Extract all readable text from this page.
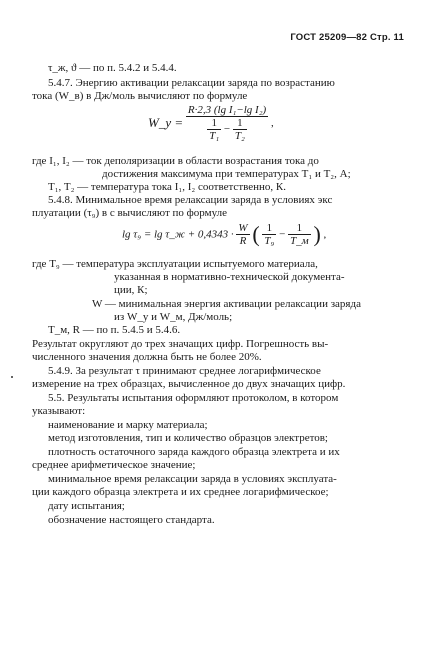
ГОСТ 25209—82 Стр. 11
τ_ж, ϑ — по п. 5.4.2 и 5.4.4.
5.4.7. Энергию активации релаксации заряда по возрастанию
тока (W_в) в Дж/моль вычисляют по формуле
W_y =
R·2,3 (lg I₁−lg I₂)
$\frac{1}{\text{T₁}} - \frac{1}{\text{T₂}}$ ,
где I₁, I₂ — ток деполяризации в области возрастания тока до
достижения максимума при температурах T₁ и T₂, А;
T₁, T₂ — температура тока I₁, I₂ соответственно, К.
5.4.8. Минимальное время релаксации заряда в условиях экс
плуатации (τ₉) в с вычисляют по формуле
lg τ₉ = lg τ_ж + $0,4343 \cdot \frac{W}{R}$ ( $\frac{1}{\text{T₉}} - \frac{1}{T\_м}$ ) ,
где T₉ — температура эксплуатации испытуемого материала,
указанная в нормативно-технической документа-
ции, К;
W — минимальная энергия активации релаксации заряда
из W_y и W_м, Дж/моль;
T_м, R — по п. 5.4.5 и 5.4.6.
Результат округляют до трех значащих цифр. Погрешность вы-
численного значения должна быть не более 20%.
5.4.9. За результат τ принимают среднее логарифмическое
измерение на трех образцах, вычисленное до двух значащих цифр.
5.5. Результаты испытания оформляют протоколом, в котором
указывают:
наименование и марку материала;
метод изготовления, тип и количество образцов электретов;
плотность остаточного заряда каждого образца электрета и их
среднее арифметическое значение;
минимальное время релаксации заряда в условиях эксплуата-
ции каждого образца электрета и их среднее логарифмическое;
дату испытания;
обозначение настоящего стандарта.
